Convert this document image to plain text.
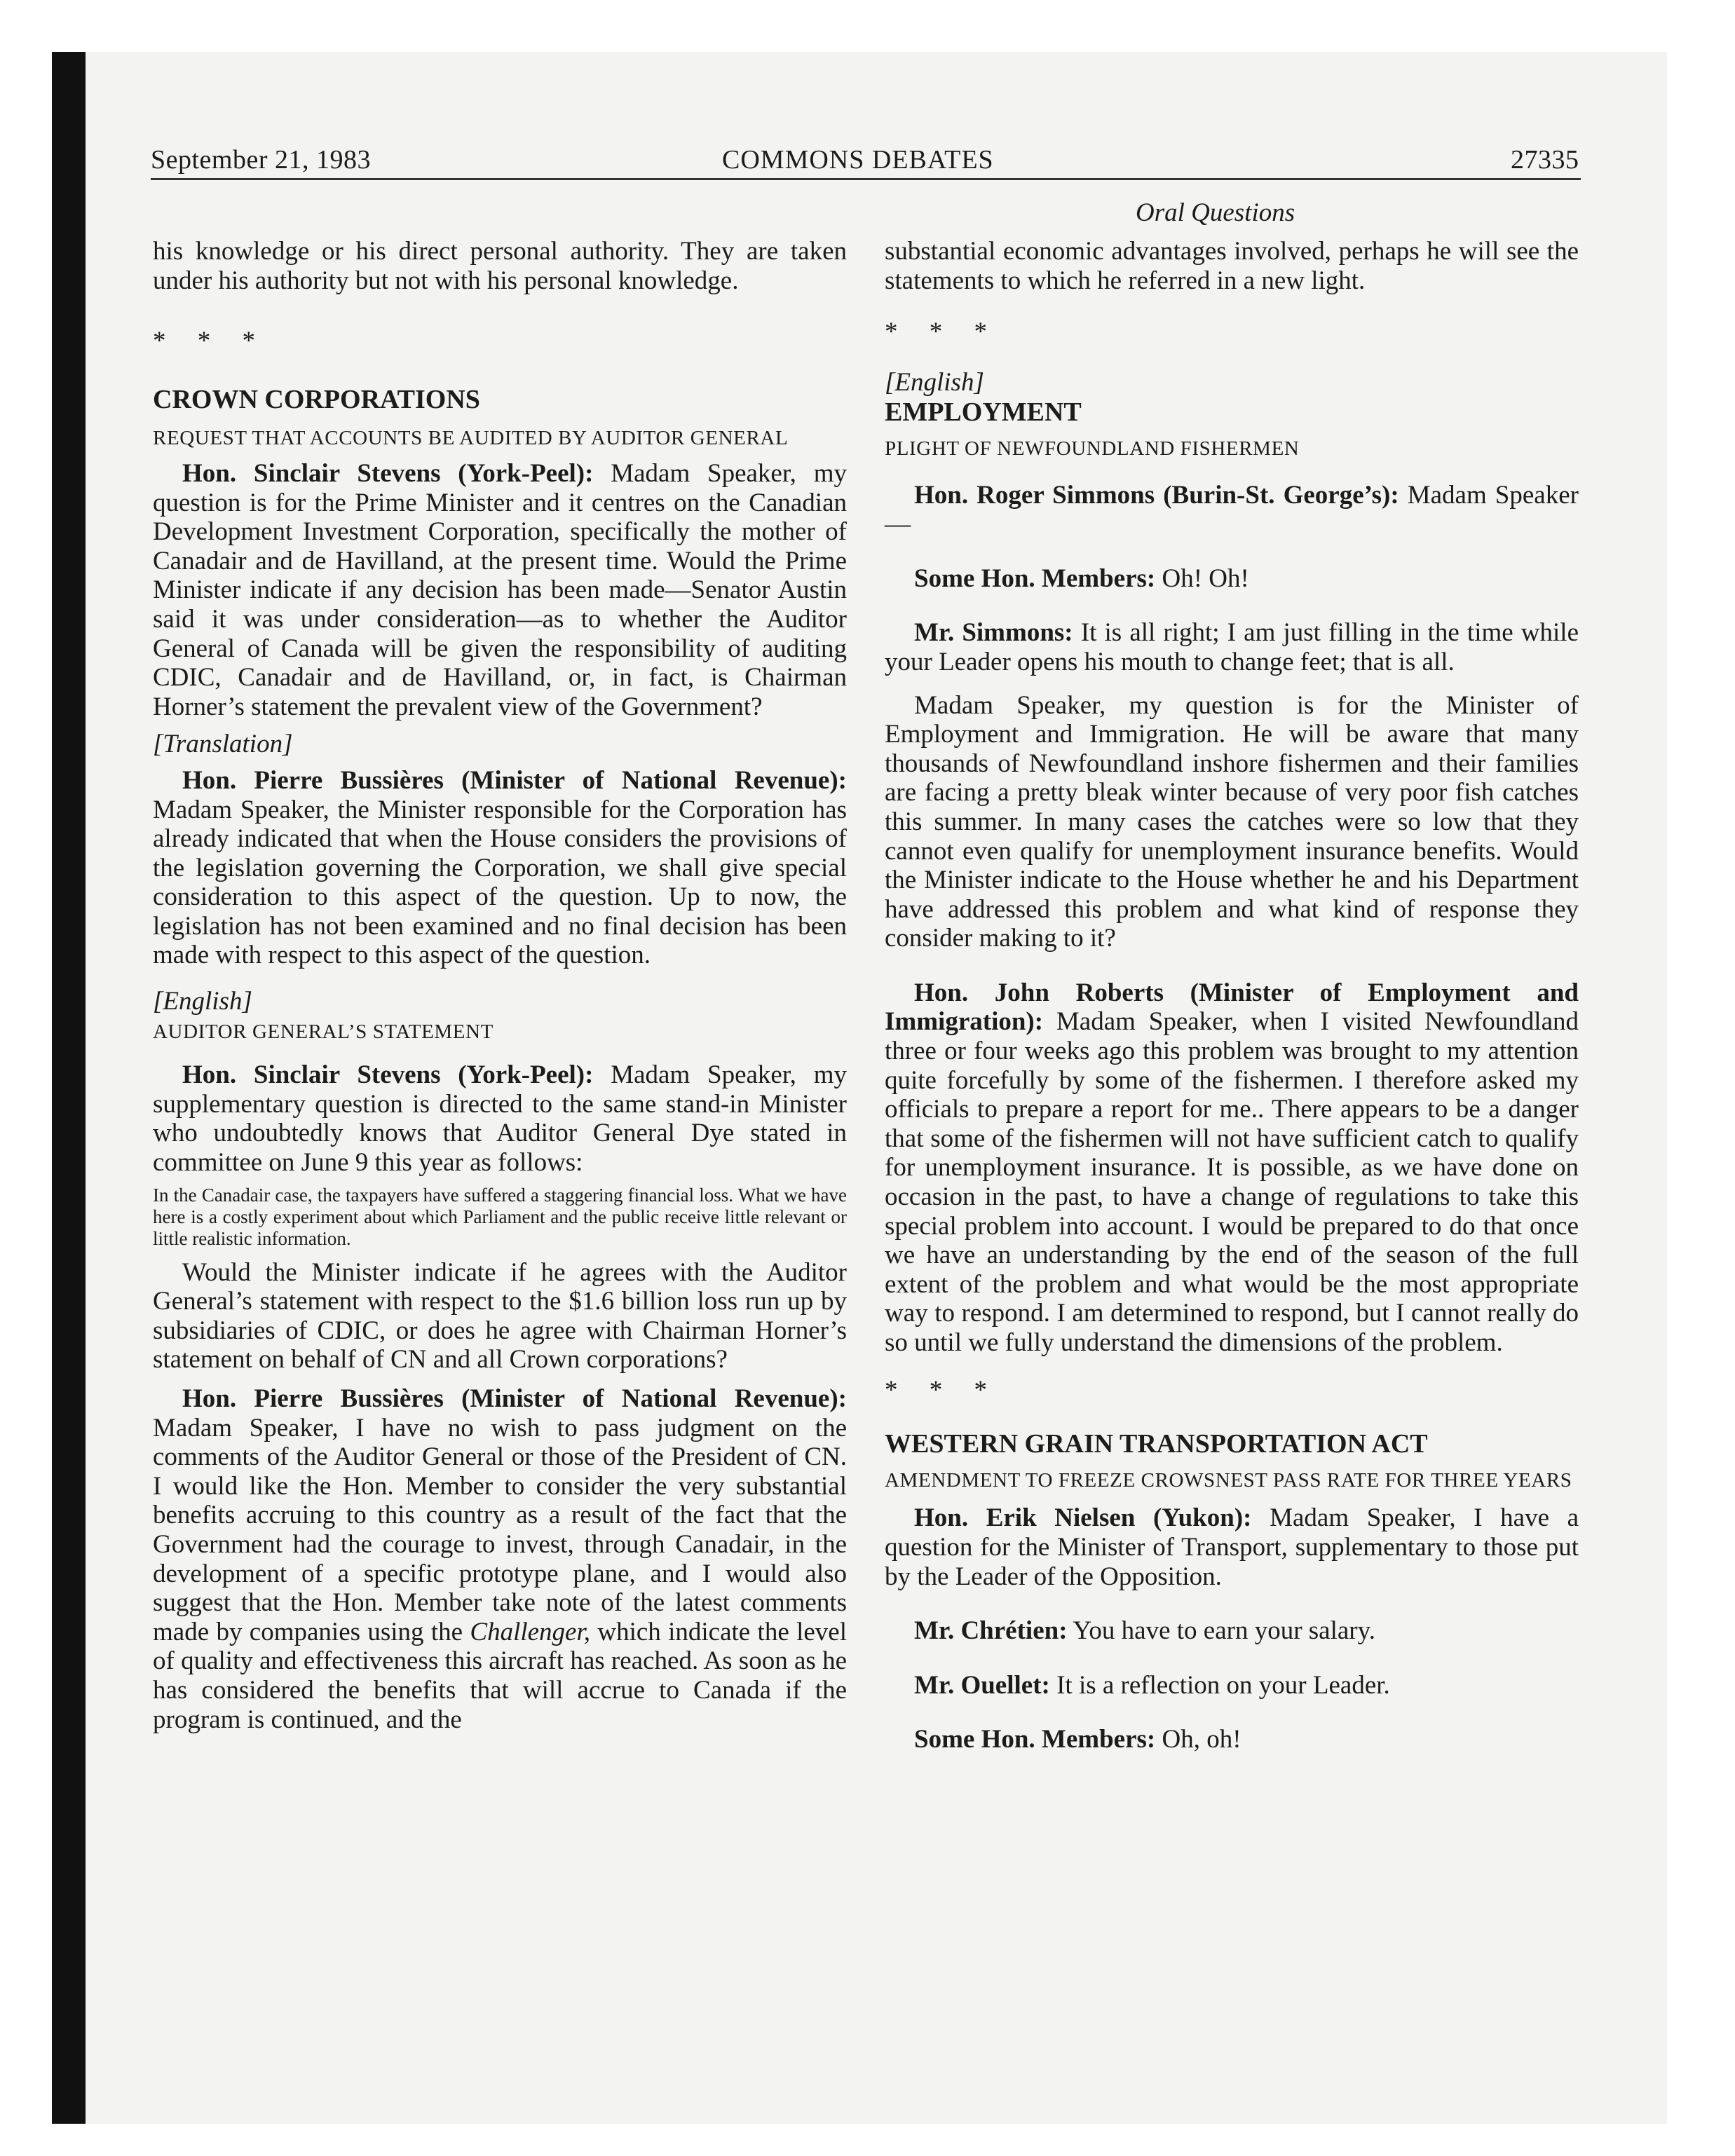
September 21, 1983	COMMONS DEBATES	27335
Oral Questions

his knowledge or his direct personal authority. They are taken under his authority but not with his personal knowledge.

* * *

CROWN CORPORATIONS

REQUEST THAT ACCOUNTS BE AUDITED BY AUDITOR GENERAL

Hon. Sinclair Stevens (York-Peel): Madam Speaker, my question is for the Prime Minister and it centres on the Canadian Development Investment Corporation, specifically the mother of Canadair and de Havilland, at the present time. Would the Prime Minister indicate if any decision has been made—Senator Austin said it was under consideration—as to whether the Auditor General of Canada will be given the responsibility of auditing CDIC, Canadair and de Havilland, or, in fact, is Chairman Horner’s statement the prevalent view of the Government?

[Translation]

Hon. Pierre Bussières (Minister of National Revenue): Madam Speaker, the Minister responsible for the Corporation has already indicated that when the House considers the provisions of the legislation governing the Corporation, we shall give special consideration to this aspect of the question. Up to now, the legislation has not been examined and no final decision has been made with respect to this aspect of the question.

[English]

AUDITOR GENERAL’S STATEMENT

Hon. Sinclair Stevens (York-Peel): Madam Speaker, my supplementary question is directed to the same stand-in Minister who undoubtedly knows that Auditor General Dye stated in committee on June 9 this year as follows:

In the Canadair case, the taxpayers have suffered a staggering financial loss. What we have here is a costly experiment about which Parliament and the public receive little relevant or little realistic information.

Would the Minister indicate if he agrees with the Auditor General’s statement with respect to the $1.6 billion loss run up by subsidiaries of CDIC, or does he agree with Chairman Horner’s statement on behalf of CN and all Crown corporations?

Hon. Pierre Bussières (Minister of National Revenue): Madam Speaker, I have no wish to pass judgment on the comments of the Auditor General or those of the President of CN. I would like the Hon. Member to consider the very substantial benefits accruing to this country as a result of the fact that the Government had the courage to invest, through Canadair, in the development of a specific prototype plane, and I would also suggest that the Hon. Member take note of the latest comments made by companies using the Challenger, which indicate the level of quality and effectiveness this aircraft has reached. As soon as he has considered the benefits that will accrue to Canada if the program is continued, and the

substantial economic advantages involved, perhaps he will see the statements to which he referred in a new light.

* * *

[English]

EMPLOYMENT

PLIGHT OF NEWFOUNDLAND FISHERMEN

Hon. Roger Simmons (Burin-St. George’s): Madam Speaker—

Some Hon. Members: Oh! Oh!

Mr. Simmons: It is all right; I am just filling in the time while your Leader opens his mouth to change feet; that is all.

Madam Speaker, my question is for the Minister of Employment and Immigration. He will be aware that many thousands of Newfoundland inshore fishermen and their families are facing a pretty bleak winter because of very poor fish catches this summer. In many cases the catches were so low that they cannot even qualify for unemployment insurance benefits. Would the Minister indicate to the House whether he and his Department have addressed this problem and what kind of response they consider making to it?

Hon. John Roberts (Minister of Employment and Immigration): Madam Speaker, when I visited Newfoundland three or four weeks ago this problem was brought to my attention quite forcefully by some of the fishermen. I therefore asked my officials to prepare a report for me.. There appears to be a danger that some of the fishermen will not have sufficient catch to qualify for unemployment insurance. It is possible, as we have done on occasion in the past, to have a change of regulations to take this special problem into account. I would be prepared to do that once we have an understanding by the end of the season of the full extent of the problem and what would be the most appropriate way to respond. I am determined to respond, but I cannot really do so until we fully understand the dimensions of the problem.

* * *

WESTERN GRAIN TRANSPORTATION ACT

AMENDMENT TO FREEZE CROWSNEST PASS RATE FOR THREE YEARS

Hon. Erik Nielsen (Yukon): Madam Speaker, I have a question for the Minister of Transport, supplementary to those put by the Leader of the Opposition.

Mr. Chrétien: You have to earn your salary.

Mr. Ouellet: It is a reflection on your Leader.

Some Hon. Members: Oh, oh!
